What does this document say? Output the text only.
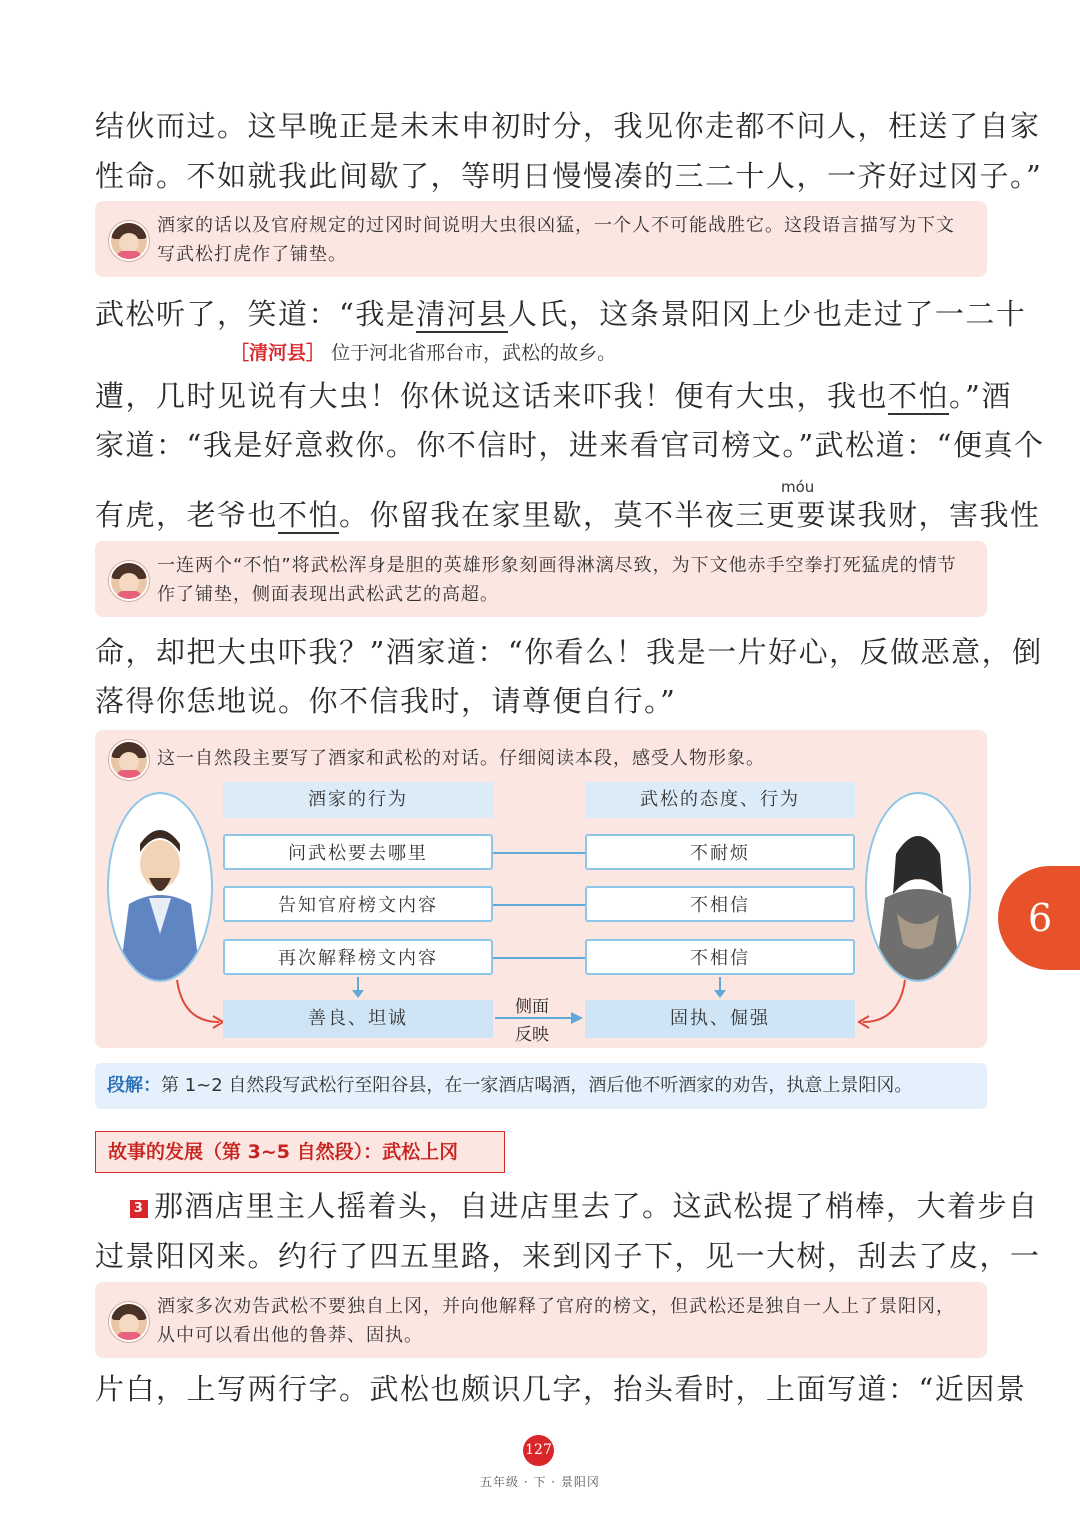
结伙而过。这早晚正是未末申初时分，我见你走都不问人，枉送了自家
性命。不如就我此间歇了，等明日慢慢凑的三二十人，一齐好过冈子。”
酒家的话以及官府规定的过冈时间说明大虫很凶猛，一个人不可能战胜它。这段语言描写为下文写武松打虎作了铺垫。
武松听了，笑道：“我是清河县人氏，这条景阳冈上少也走过了一二十
［清河县］ 位于河北省邢台市，武松的故乡。
遭，几时见说有大虫！你休说这话来吓我！便有大虫，我也不怕。”酒
家道：“我是好意救你。你不信时，进来看官司榜文。”武松道：“便真个
móu
有虎，老爷也不怕。你留我在家里歇，莫不半夜三更要谋我财，害我性
一连两个“不怕”将武松浑身是胆的英雄形象刻画得淋漓尽致，为下文他赤手空拳打死猛虎的情节作了铺垫，侧面表现出武松武艺的高超。
命，却把大虫吓我？”酒家道：“你看么！我是一片好心，反做恶意，倒
落得你恁地说。你不信我时，请尊便自行。”
这一自然段主要写了酒家和武松的对话。仔细阅读本段，感受人物形象。
酒家的行为	武松的态度、行为
问武松要去哪里
告知官府榜文内容
再次解释榜文内容
不耐烦
不相信
不相信
善良、坦诚	固执、倔强
侧面
反映
段解：第 1~2 自然段写武松行至阳谷县，在一家酒店喝酒，酒后他不听酒家的劝告，执意上景阳冈。
故事的发展（第 3~5 自然段）：武松上冈
3 那酒店里主人摇着头，自进店里去了。这武松提了梢棒，大着步自
过景阳冈来。约行了四五里路，来到冈子下，见一大树，刮去了皮，一
酒家多次劝告武松不要独自上冈，并向他解释了官府的榜文，但武松还是独自一人上了景阳冈，从中可以看出他的鲁莽、固执。
片白，上写两行字。武松也颇识几字，抬头看时，上面写道：“近因景
6
127
五年级 · 下 · 景阳冈
